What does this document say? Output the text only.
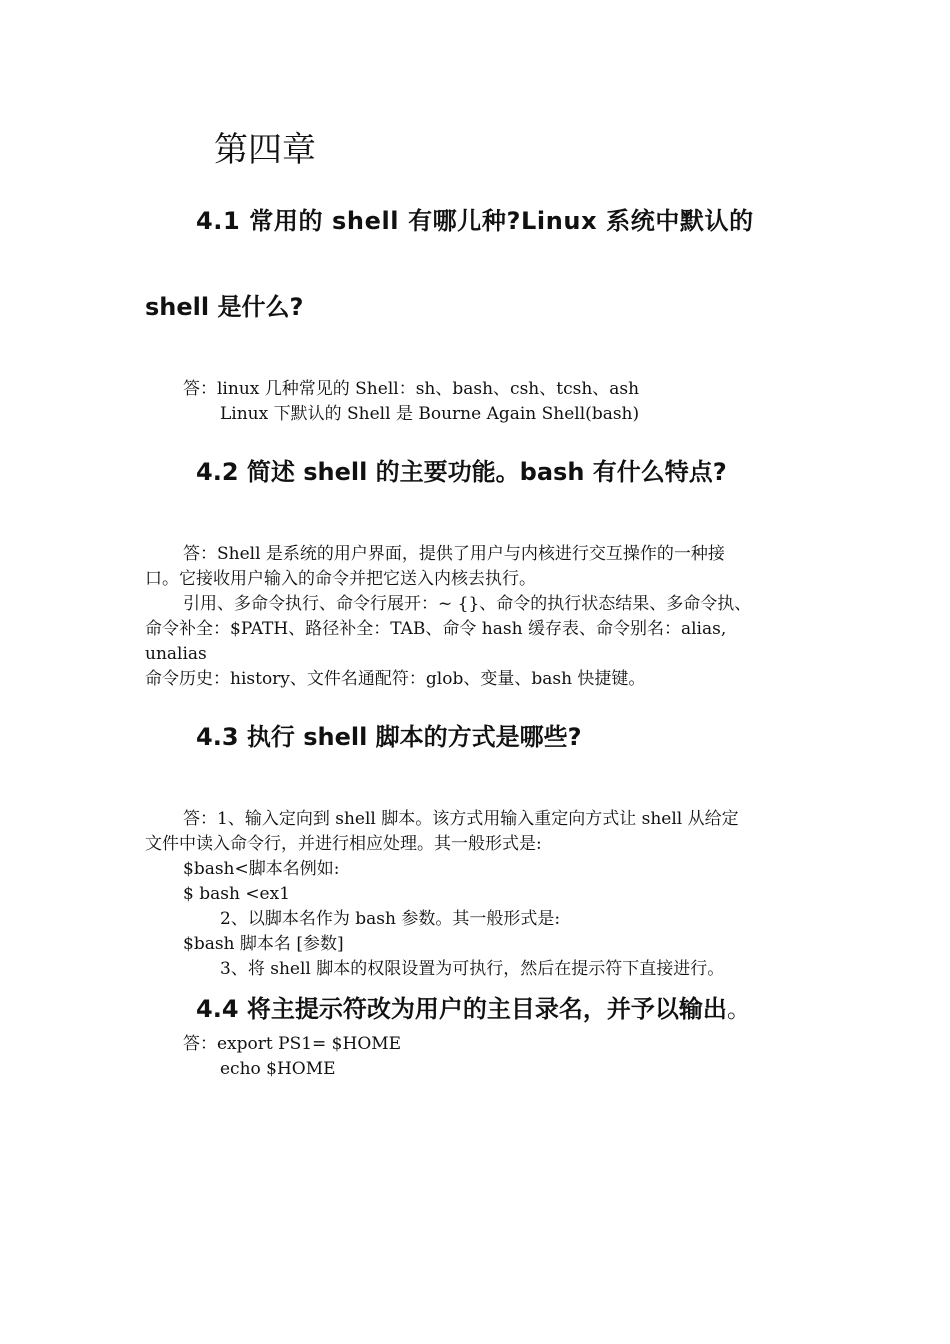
第四章
4.1 常用的 shell 有哪儿种?Linux 系统中默认的
shell 是什么?
答：linux 几种常见的 Shell：sh、bash、csh、tcsh、ash
Linux 下默认的 Shell 是 Bourne Again Shell(bash)
4.2 简述 shell 的主要功能。bash 有什么特点?
答：Shell 是系统的用户界面，提供了用户与内核进行交互操作的一种接
口。它接收用户输入的命令并把它送入内核去执行。
引用、多命令执行、命令行展开：~ {}、命令的执行状态结果、多命令执、
命令补全：$PATH、路径补全：TAB、命令 hash 缓存表、命令别名：alias,
unalias
命令历史：history、文件名通配符：glob、变量、bash 快捷键。
4.3 执行 shell 脚本的方式是哪些?
答：1、输入定向到 shell 脚本。该方式用输入重定向方式让 shell 从给定
文件中读入命令行，并进行相应处理。其一般形式是:
$bash<脚本名例如:
$ bash <ex1
2、以脚本名作为 bash 参数。其一般形式是:
$bash 脚本名 [参数]
3、将 shell 脚本的权限设置为可执行，然后在提示符下直接进行。
4.4 将主提示符改为用户的主目录名，并予以输出。
答：export PS1= $HOME
echo $HOME
